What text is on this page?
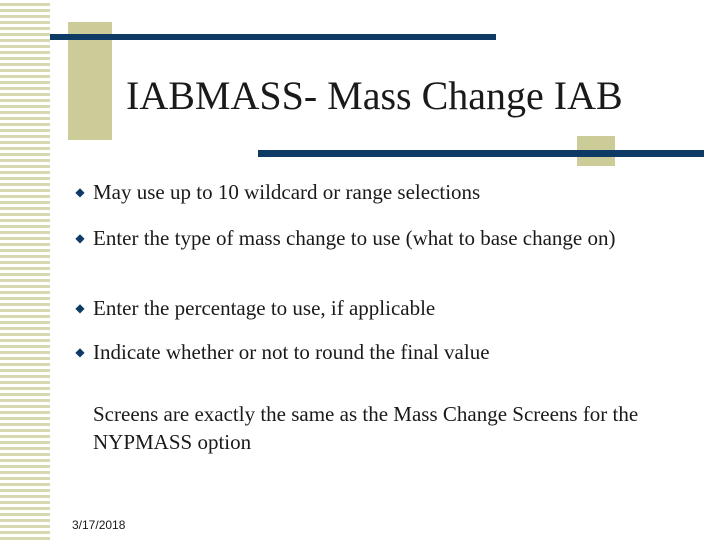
IABMASS- Mass Change IAB
◆ May use up to 10 wildcard or range selections
◆ Enter the type of mass change to use (what to base change on)
◆ Enter the percentage to use, if applicable
◆ Indicate whether or not to round the final value
Screens are exactly the same as the Mass Change Screens for the NYPMASS option
3/17/2018
